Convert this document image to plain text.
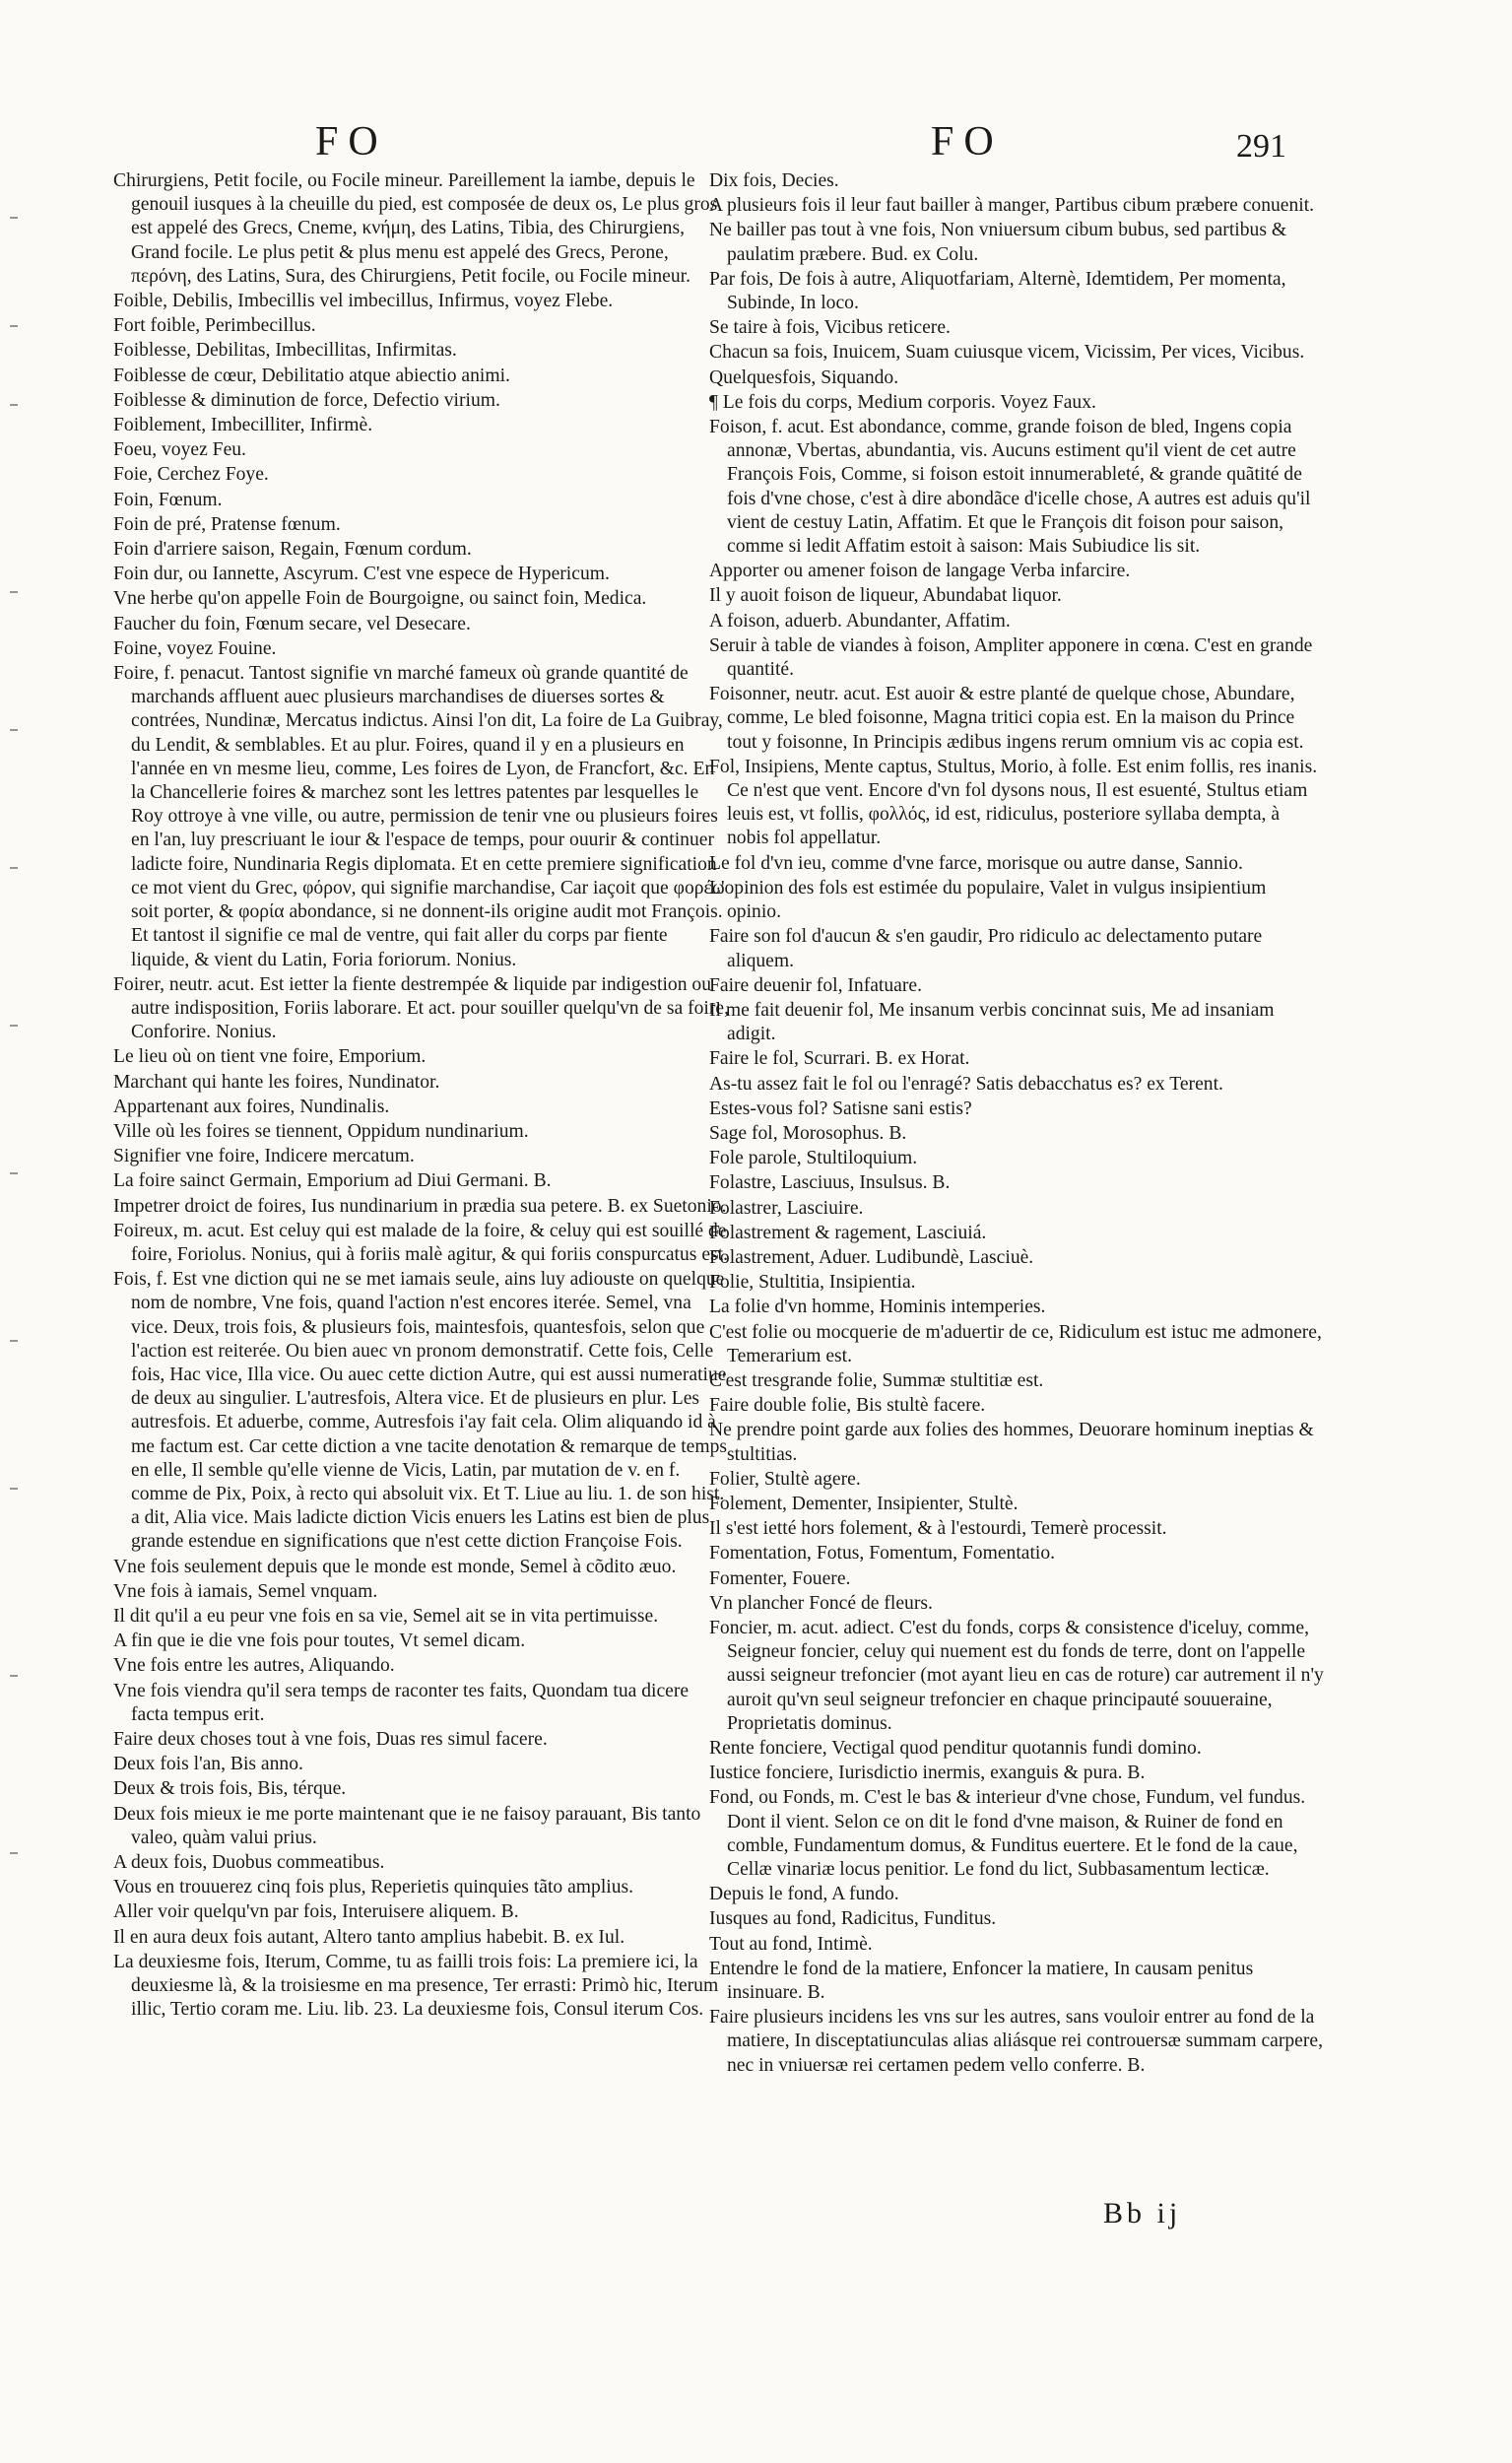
FO	FO	291

Chirurgiens, Petit focile, ou Focile mineur. Pareillement la iambe, depuis le genouil iusques à la cheuille du pied, est composée de deux os, Le plus gros est appelé des Grecs, Cneme, κνήμη, des Latins, Tibia, des Chirurgiens, Grand focile. Le plus petit & plus menu est appelé des Grecs, Perone, περόνη, des Latins, Sura, des Chirurgiens, Petit focile, ou Focile mineur.

Foible, Debilis, Imbecillis vel imbecillus, Infirmus, voyez Flebe.

Fort foible, Perimbecillus.

Foiblesse, Debilitas, Imbecillitas, Infirmitas.

Foiblesse de cœur, Debilitatio atque abiectio animi.

Foiblesse & diminution de force, Defectio virium.

Foiblement, Imbecilliter, Infirmè.

Foeu, voyez Feu.

Foie, Cerchez Foye.

Foin, Fœnum.

Foin de pré, Pratense fœnum.

Foin d'arriere saison, Regain, Fœnum cordum.

Foin dur, ou Iannette, Ascyrum. C'est vne espece de Hypericum.

Vne herbe qu'on appelle Foin de Bourgoigne, ou sainct foin, Medica.

Faucher du foin, Fœnum secare, vel Desecare.

Foine, voyez Fouine.

Foire, f. penacut. Tantost signifie vn marché fameux où grande quantité de marchands affluent auec plusieurs marchandises de diuerses sortes & contrées, Nundinæ, Mercatus indictus. Ainsi l'on dit, La foire de La Guibray, du Lendit, & semblables. Et au plur. Foires, quand il y en a plusieurs en l'année en vn mesme lieu, comme, Les foires de Lyon, de Francfort, &c. En la Chancellerie foires & marchez sont les lettres patentes par lesquelles le Roy ottroye à vne ville, ou autre, permission de tenir vne ou plusieurs foires en l'an, luy prescriuant le iour & l'espace de temps, pour ouurir & continuer ladicte foire, Nundinaria Regis diplomata. Et en cette premiere signification ce mot vient du Grec, φόρον, qui signifie marchandise, Car iaçoit que φορέω soit porter, & φορία abondance, si ne donnent-ils origine audit mot François. Et tantost il signifie ce mal de ventre, qui fait aller du corps par fiente liquide, & vient du Latin, Foria foriorum. Nonius.

Foirer, neutr. acut. Est ietter la fiente destrempée & liquide par indigestion ou autre indisposition, Foriis laborare. Et act. pour souiller quelqu'vn de sa foire, Conforire. Nonius.

Le lieu où on tient vne foire, Emporium.

Marchant qui hante les foires, Nundinator.

Appartenant aux foires, Nundinalis.

Ville où les foires se tiennent, Oppidum nundinarium.

Signifier vne foire, Indicere mercatum.

La foire sainct Germain, Emporium ad Diui Germani. B.

Impetrer droict de foires, Ius nundinarium in prædia sua petere. B. ex Suetonio.

Foireux, m. acut. Est celuy qui est malade de la foire, & celuy qui est souillé de foire, Foriolus. Nonius, qui à foriis malè agitur, & qui foriis conspurcatus est.

Fois, f. Est vne diction qui ne se met iamais seule, ains luy adiouste on quelque nom de nombre, Vne fois, quand l'action n'est encores iterée. Semel, vna vice. Deux, trois fois, & plusieurs fois, maintesfois, quantesfois, selon que l'action est reiterée. Ou bien auec vn pronom demonstratif. Cette fois, Celle fois, Hac vice, Illa vice. Ou auec cette diction Autre, qui est aussi numeratiue de deux au singulier. L'autresfois, Altera vice. Et de plusieurs en plur. Les autresfois. Et aduerbe, comme, Autresfois i'ay fait cela. Olim aliquando id à me factum est. Car cette diction a vne tacite denotation & remarque de temps en elle, Il semble qu'elle vienne de Vicis, Latin, par mutation de v. en f. comme de Pix, Poix, à recto qui absoluit vix. Et T. Liue au liu. 1. de son hist. a dit, Alia vice. Mais ladicte diction Vicis enuers les Latins est bien de plus grande estendue en significations que n'est cette diction Françoise Fois.

Vne fois seulement depuis que le monde est monde, Semel à cõdito æuo.

Vne fois à iamais, Semel vnquam.

Il dit qu'il a eu peur vne fois en sa vie, Semel ait se in vita pertimuisse.

A fin que ie die vne fois pour toutes, Vt semel dicam.

Vne fois entre les autres, Aliquando.

Vne fois viendra qu'il sera temps de raconter tes faits, Quondam tua dicere facta tempus erit.

Faire deux choses tout à vne fois, Duas res simul facere.

Deux fois l'an, Bis anno.

Deux & trois fois, Bis, térque.

Deux fois mieux ie me porte maintenant que ie ne faisoy parauant, Bis tanto valeo, quàm valui prius.

A deux fois, Duobus commeatibus.

Vous en trouuerez cinq fois plus, Reperietis quinquies tãto amplius.

Aller voir quelqu'vn par fois, Interuisere aliquem. B.

Il en aura deux fois autant, Altero tanto amplius habebit. B. ex Iul.

La deuxiesme fois, Iterum, Comme, tu as failli trois fois: La premiere ici, la deuxiesme là, & la troisiesme en ma presence, Ter errasti: Primò hic, Iterum illic, Tertio coram me. Liu. lib. 23. La deuxiesme fois, Consul iterum Cos.

Dix fois, Decies.

A plusieurs fois il leur faut bailler à manger, Partibus cibum præbere conuenit.

Ne bailler pas tout à vne fois, Non vniuersum cibum bubus, sed partibus & paulatim præbere. Bud. ex Colu.

Par fois, De fois à autre, Aliquotfariam, Alternè, Idemtidem, Per momenta, Subinde, In loco.

Se taire à fois, Vicibus reticere.

Chacun sa fois, Inuicem, Suam cuiusque vicem, Vicissim, Per vices, Vicibus.

Quelquesfois, Siquando.

¶ Le fois du corps, Medium corporis. Voyez Faux.

Foison, f. acut. Est abondance, comme, grande foison de bled, Ingens copia annonæ, Vbertas, abundantia, vis. Aucuns estiment qu'il vient de cet autre François Fois, Comme, si foison estoit innumerableté, & grande quãtité de fois d'vne chose, c'est à dire abondãce d'icelle chose, A autres est aduis qu'il vient de cestuy Latin, Affatim. Et que le François dit foison pour saison, comme si ledit Affatim estoit à saison: Mais Subiudice lis sit.

Apporter ou amener foison de langage Verba infarcire.

Il y auoit foison de liqueur, Abundabat liquor.

A foison, aduerb. Abundanter, Affatim.

Seruir à table de viandes à foison, Ampliter apponere in cœna. C'est en grande quantité.

Foisonner, neutr. acut. Est auoir & estre planté de quelque chose, Abundare, comme, Le bled foisonne, Magna tritici copia est. En la maison du Prince tout y foisonne, In Principis ædibus ingens rerum omnium vis ac copia est.

Fol, Insipiens, Mente captus, Stultus, Morio, à folle. Est enim follis, res inanis. Ce n'est que vent. Encore d'vn fol dysons nous, Il est esuenté, Stultus etiam leuis est, vt follis, φολλός, id est, ridiculus, posteriore syllaba dempta, à nobis fol appellatur.

Le fol d'vn ieu, comme d'vne farce, morisque ou autre danse, Sannio.

L'opinion des fols est estimée du populaire, Valet in vulgus insipientium opinio.

Faire son fol d'aucun & s'en gaudir, Pro ridiculo ac delectamento putare aliquem.

Faire deuenir fol, Infatuare.

Il me fait deuenir fol, Me insanum verbis concinnat suis, Me ad insaniam adigit.

Faire le fol, Scurrari. B. ex Horat.

As-tu assez fait le fol ou l'enragé? Satis debacchatus es? ex Terent.

Estes-vous fol? Satisne sani estis?

Sage fol, Morosophus. B.

Fole parole, Stultiloquium.

Folastre, Lasciuus, Insulsus. B.

Folastrer, Lasciuire.

Folastrement & ragement, Lasciuiá.

Folastrement, Aduer. Ludibundè, Lasciuè.

Folie, Stultitia, Insipientia.

La folie d'vn homme, Hominis intemperies.

C'est folie ou mocquerie de m'aduertir de ce, Ridiculum est istuc me admonere, Temerarium est.

C'est tresgrande folie, Summæ stultitiæ est.

Faire double folie, Bis stultè facere.

Ne prendre point garde aux folies des hommes, Deuorare hominum ineptias & stultitias.

Folier, Stultè agere.

Folement, Dementer, Insipienter, Stultè.

Il s'est ietté hors folement, & à l'estourdi, Temerè processit.

Fomentation, Fotus, Fomentum, Fomentatio.

Fomenter, Fouere.

Vn plancher Foncé de fleurs.

Foncier, m. acut. adiect. C'est du fonds, corps & consistence d'iceluy, comme, Seigneur foncier, celuy qui nuement est du fonds de terre, dont on l'appelle aussi seigneur trefoncier (mot ayant lieu en cas de roture) car autrement il n'y auroit qu'vn seul seigneur trefoncier en chaque principauté souueraine, Proprietatis dominus.

Rente fonciere, Vectigal quod penditur quotannis fundi domino.

Iustice fonciere, Iurisdictio inermis, exanguis & pura. B.

Fond, ou Fonds, m. C'est le bas & interieur d'vne chose, Fundum, vel fundus. Dont il vient. Selon ce on dit le fond d'vne maison, & Ruiner de fond en comble, Fundamentum domus, & Funditus euertere. Et le fond de la caue, Cellæ vinariæ locus penitior. Le fond du lict, Subbasamentum lecticæ.

Depuis le fond, A fundo.

Iusques au fond, Radicitus, Funditus.

Tout au fond, Intimè.

Entendre le fond de la matiere, Enfoncer la matiere, In causam penitus insinuare. B.

Faire plusieurs incidens les vns sur les autres, sans vouloir entrer au fond de la matiere, In disceptatiunculas alias aliásque rei controuersæ summam carpere, nec in vniuersæ rei certamen pedem vello conferre. B.

Bb ij
